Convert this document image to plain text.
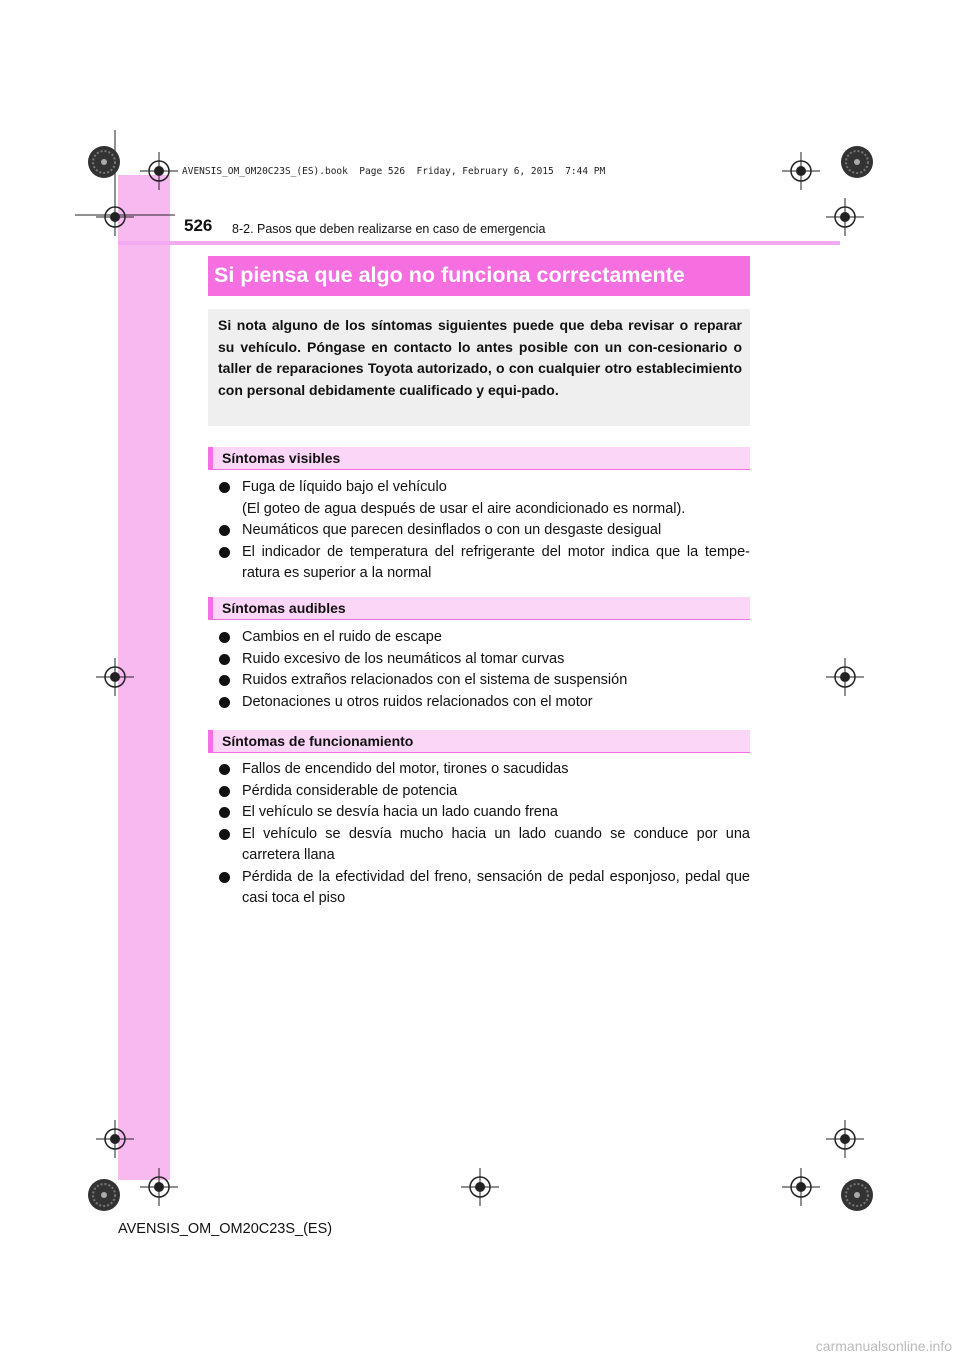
AVENSIS_OM_OM20C23S_(ES).book  Page 526  Friday, February 6, 2015  7:44 PM
526 8-2. Pasos que deben realizarse en caso de emergencia
Si piensa que algo no funciona correctamente
Si nota alguno de los síntomas siguientes puede que deba revisar o reparar su vehículo. Póngase en contacto lo antes posible con un con-cesionario o taller de reparaciones Toyota autorizado, o con cualquier otro establecimiento con personal debidamente cualificado y equi-pado.
Síntomas visibles
Fuga de líquido bajo el vehículo
(El goteo de agua después de usar el aire acondicionado es normal).
Neumáticos que parecen desinflados o con un desgaste desigual
El indicador de temperatura del refrigerante del motor indica que la tempe-ratura es superior a la normal
Síntomas audibles
Cambios en el ruido de escape
Ruido excesivo de los neumáticos al tomar curvas
Ruidos extraños relacionados con el sistema de suspensión
Detonaciones u otros ruidos relacionados con el motor
Síntomas de funcionamiento
Fallos de encendido del motor, tirones o sacudidas
Pérdida considerable de potencia
El vehículo se desvía hacia un lado cuando frena
El vehículo se desvía mucho hacia un lado cuando se conduce por una carretera llana
Pérdida de la efectividad del freno, sensación de pedal esponjoso, pedal que casi toca el piso
AVENSIS_OM_OM20C23S_(ES)
carmanualsonline.info
